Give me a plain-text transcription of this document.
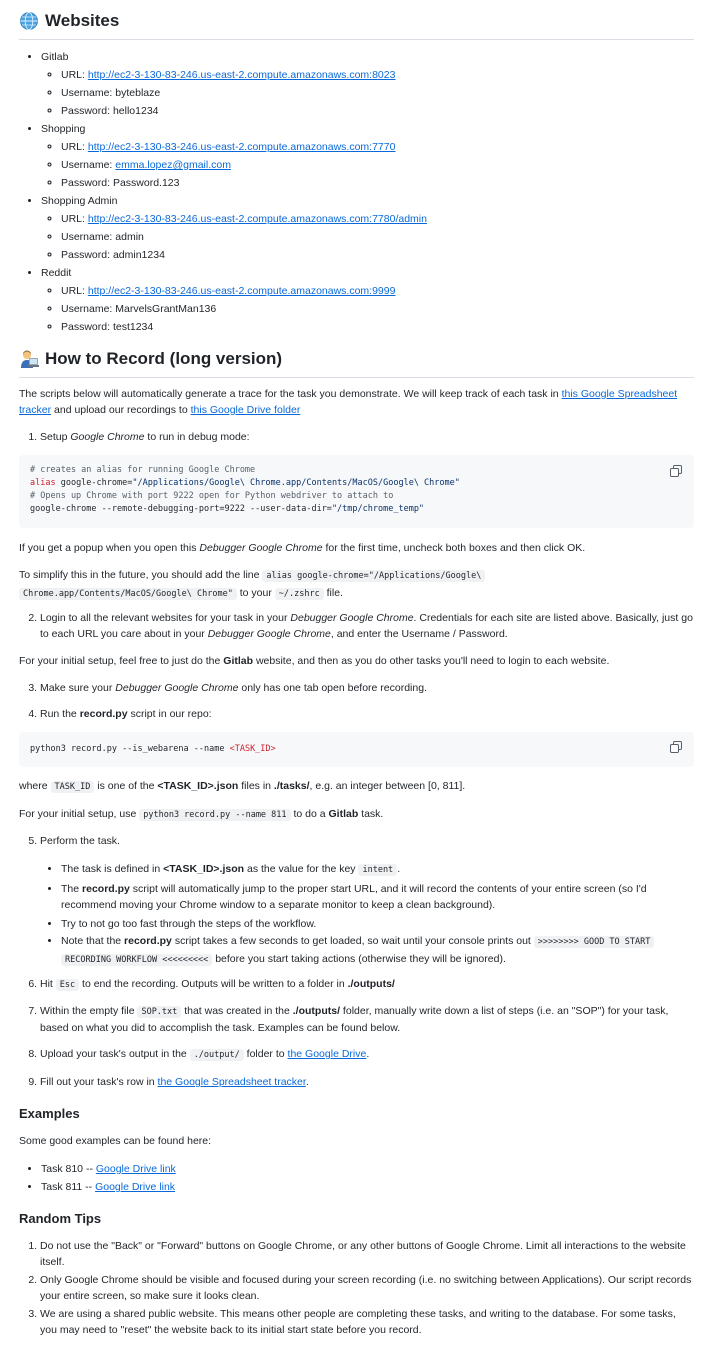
Websites
• Gitlab
◦ URL: http://ec2-3-130-83-246.us-east-2.compute.amazonaws.com:8023
◦ Username: byteblaze
◦ Password: hello1234
• Shopping
◦ URL: http://ec2-3-130-83-246.us-east-2.compute.amazonaws.com:7770
◦ Username: emma.lopez@gmail.com
◦ Password: Password.123
• Shopping Admin
◦ URL: http://ec2-3-130-83-246.us-east-2.compute.amazonaws.com:7780/admin
◦ Username: admin
◦ Password: admin1234
• Reddit
◦ URL: http://ec2-3-130-83-246.us-east-2.compute.amazonaws.com:9999
◦ Username: MarvelsGrantMan136
◦ Password: test1234
How to Record (long version)

The scripts below will automatically generate a trace for the task you demonstrate. We will keep track of each task in this Google Spreadsheet tracker and upload our recordings to this Google Drive folder

1. Setup Google Chrome to run in debug mode:
# creates an alias for running Google Chrome
alias google-chrome="/Applications/Google\ Chrome.app/Contents/MacOS/Google\ Chrome"
# Opens up Chrome with port 9222 open for Python webdriver to attach to
google-chrome --remote-debugging-port=9222 --user-data-dir="/tmp/chrome_temp"

If you get a popup when you open this Debugger Google Chrome for the first time, uncheck both boxes and then click OK.

To simplify this in the future, you should add the line alias google-chrome="/Applications/Google\
Chrome.app/Contents/MacOS/Google\ Chrome" to your ~/.zshrc file.

2. Login to all the relevant websites for your task in your Debugger Google Chrome. Credentials for each site are listed above. Basically, just go to each URL you care about in your Debugger Google Chrome, and enter the Username / Password.

For your initial setup, feel free to just do the Gitlab website, and then as you do other tasks you'll need to login to each website.

3. Make sure your Debugger Google Chrome only has one tab open before recording.
4. Run the record.py script in our repo:
python3 record.py --is_webarena --name <TASK_ID>

where TASK_ID is one of the <TASK_ID>.json files in ./tasks/, e.g. an integer between [0, 811].

For your initial setup, use python3 record.py --name 811 to do a Gitlab task.

5. Perform the task.
• The task is defined in <TASK_ID>.json as the value for the key intent .
• The record.py script will automatically jump to the proper start URL, and it will record the contents of your entire screen (so I'd recommend moving your Chrome window to a separate monitor to keep a clean background).
• Try to not go too fast through the steps of the workflow.
• Note that the record.py script takes a few seconds to get loaded, so wait until your console prints out >>>>>>>> GOOD TO START
RECORDING WORKFLOW <<<<<<<<< before you start taking actions (otherwise they will be ignored).
6. Hit Esc to end the recording. Outputs will be written to a folder in ./outputs/
7. Within the empty file SOP.txt that was created in the ./outputs/ folder, manually write down a list of steps (i.e. an "SOP") for your task, based on what you did to accomplish the task. Examples can be found below.
8. Upload your task's output in the ./output/ folder to the Google Drive.
9. Fill out your task's row in the Google Spreadsheet tracker.
Examples

Some good examples can be found here:

• Task 810 -- Google Drive link
• Task 811 -- Google Drive link
Random Tips
1. Do not use the "Back" or "Forward" buttons on Google Chrome, or any other buttons of Google Chrome. Limit all interactions to the website itself.
2. Only Google Chrome should be visible and focused during your screen recording (i.e. no switching between Applications). Our script records your entire screen, so make sure it looks clean.
3. We are using a shared public website. This means other people are completing these tasks, and writing to the database. For some tasks, you may need to "reset" the website back to its initial start state before you record.
